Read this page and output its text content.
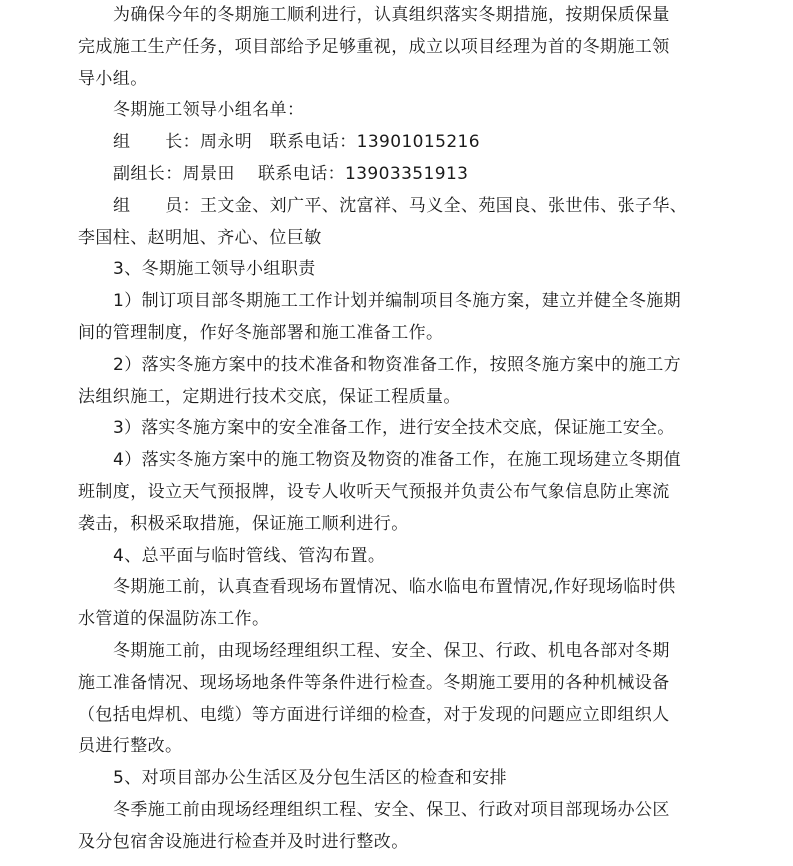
为确保今年的冬期施工顺利进行，认真组织落实冬期措施，按期保质保量
完成施工生产任务，项目部给予足够重视，成立以项目经理为首的冬期施工领
导小组。
冬期施工领导小组名单：
组　　长：周永明　联系电话：13901015216
副组长：周景田　 联系电话：13903351913
组　　员：王文金、刘广平、沈富祥、马义全、苑国良、张世伟、张子华、
李国柱、赵明旭、齐心、位巨敏
3、冬期施工领导小组职责
1）制订项目部冬期施工工作计划并编制项目冬施方案，建立并健全冬施期
间的管理制度，作好冬施部署和施工准备工作。
2）落实冬施方案中的技术准备和物资准备工作，按照冬施方案中的施工方
法组织施工，定期进行技术交底，保证工程质量。
3）落实冬施方案中的安全准备工作，进行安全技术交底，保证施工安全。
4）落实冬施方案中的施工物资及物资的准备工作，在施工现场建立冬期值
班制度，设立天气预报牌，设专人收听天气预报并负责公布气象信息防止寒流
袭击，积极采取措施，保证施工顺利进行。
4、总平面与临时管线、管沟布置。
冬期施工前，认真查看现场布置情况、临水临电布置情况,作好现场临时供
水管道的保温防冻工作。
冬期施工前，由现场经理组织工程、安全、保卫、行政、机电各部对冬期
施工准备情况、现场场地条件等条件进行检查。冬期施工要用的各种机械设备
（包括电焊机、电缆）等方面进行详细的检查，对于发现的问题应立即组织人
员进行整改。
5、对项目部办公生活区及分包生活区的检查和安排
冬季施工前由现场经理组织工程、安全、保卫、行政对项目部现场办公区
及分包宿舍设施进行检查并及时进行整改。
